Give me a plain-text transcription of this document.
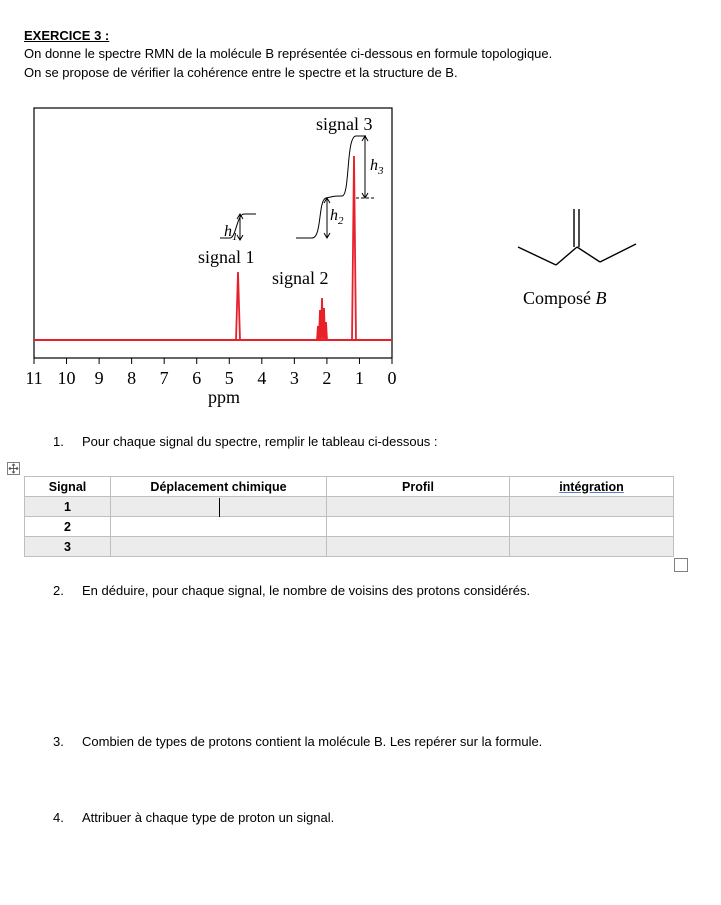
EXERCICE 3 :
On donne le spectre RMN de la molécule B représentée ci-dessous en formule topologique.
On se propose de vérifier la cohérence entre le spectre et la structure de B.
$h_1$
$h_2$
$h_3$
signal 1
signal 2
signal 3
11 10 9 8 7 6 5 4 3 2 1 0
ppm
Composé B
1. Pour chaque signal du spectre, remplir le tableau ci-dessous :
Signal	Déplacement chimique	Profil	intégration
1			
2			
3			
2. En déduire, pour chaque signal, le nombre de voisins des protons considérés.
3. Combien de types de protons contient la molécule B. Les repérer sur la formule.
4. Attribuer à chaque type de proton un signal.
